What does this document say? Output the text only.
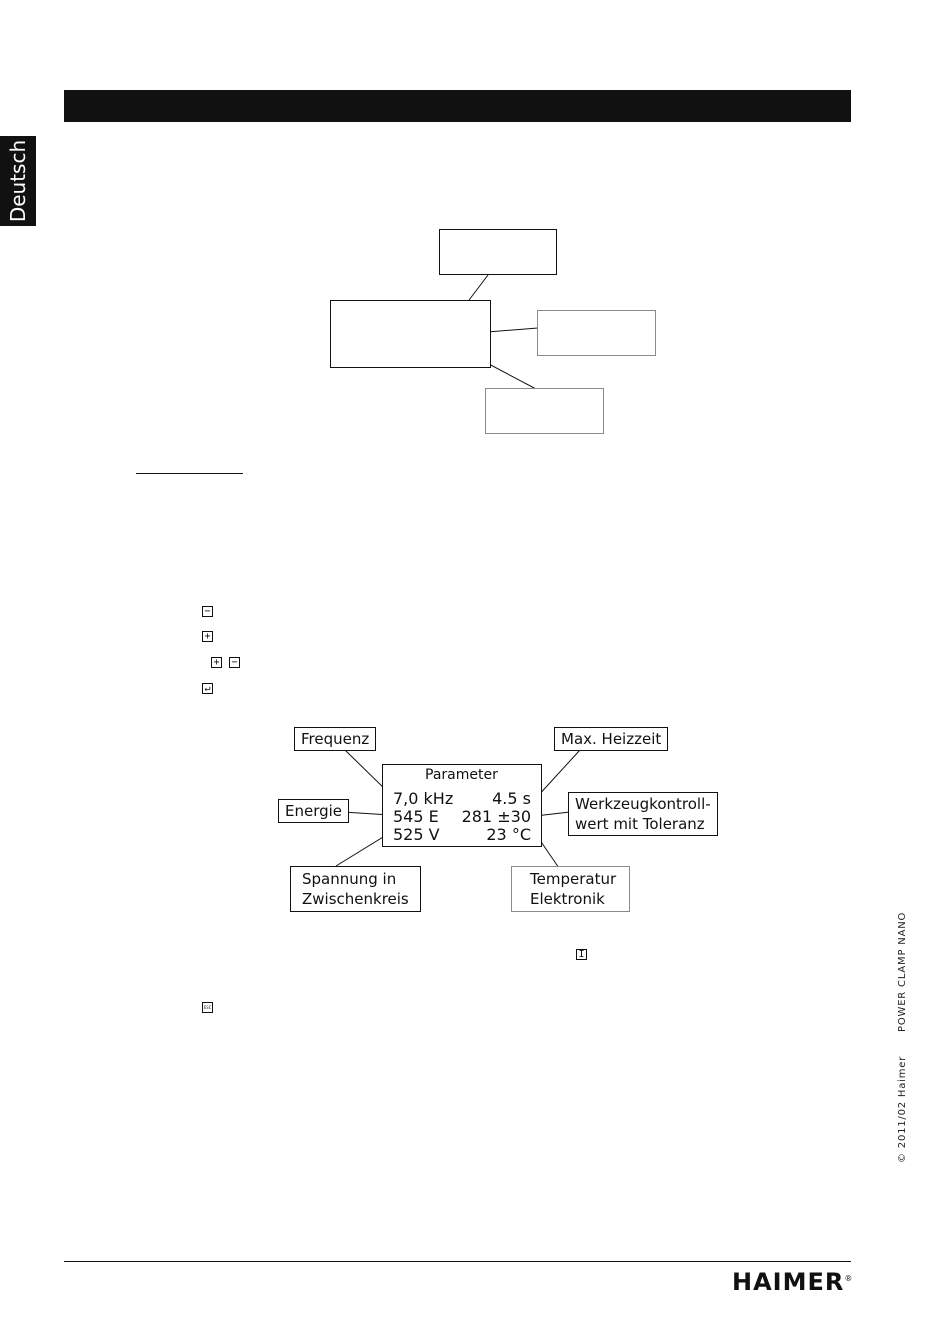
Deutsch
−
+
+ −
↵
Parameter
7,0 kHz 4.5 s
545 E 281 ±30
525 V	23 °C
Frequenz
Energie
Spannung in
Zwischenkreis
Max. Heizzeit
Werkzeugkontroll-
wert mit Toleranz
Temperatur
Elektronik
I
ESC	POWER CLAMP NANO
© 2011/02 Haimer
HAIMER®
